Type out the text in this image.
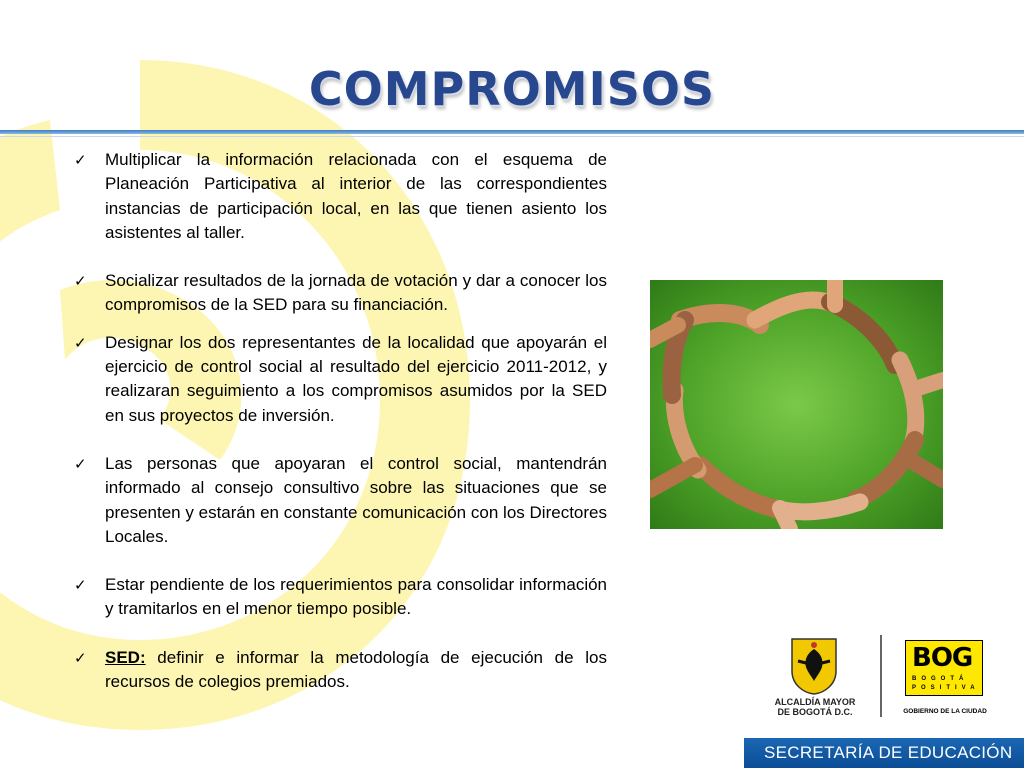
COMPROMISOS
✓ Multiplicar la información relacionada con el esquema de Planeación Participativa al interior de las correspondientes instancias de participación local, en las que tienen asiento los asistentes al taller.
✓ Socializar resultados de la jornada de votación y dar a conocer los compromisos de la SED para su financiación.
✓ Designar los dos representantes de la localidad que apoyarán el ejercicio de control social al resultado del ejercicio 2011-2012, y realizaran seguimiento a los compromisos asumidos por la SED en sus proyectos de inversión.
✓ Las personas que apoyaran el control social, mantendrán informado al consejo consultivo sobre las situaciones que se presenten y estarán en constante comunicación con los Directores Locales.
✓ Estar pendiente de los requerimientos para consolidar información y tramitarlos en el menor tiempo posible.
✓ SED: definir e informar la metodología de ejecución de los recursos de colegios premiados.
ALCALDÍA MAYOR
DE BOGOTÁ D.C.
BOG
BOGOTÁ
POSITIVA
GOBIERNO DE LA CIUDAD
SECRETARÍA DE EDUCACIÓN
